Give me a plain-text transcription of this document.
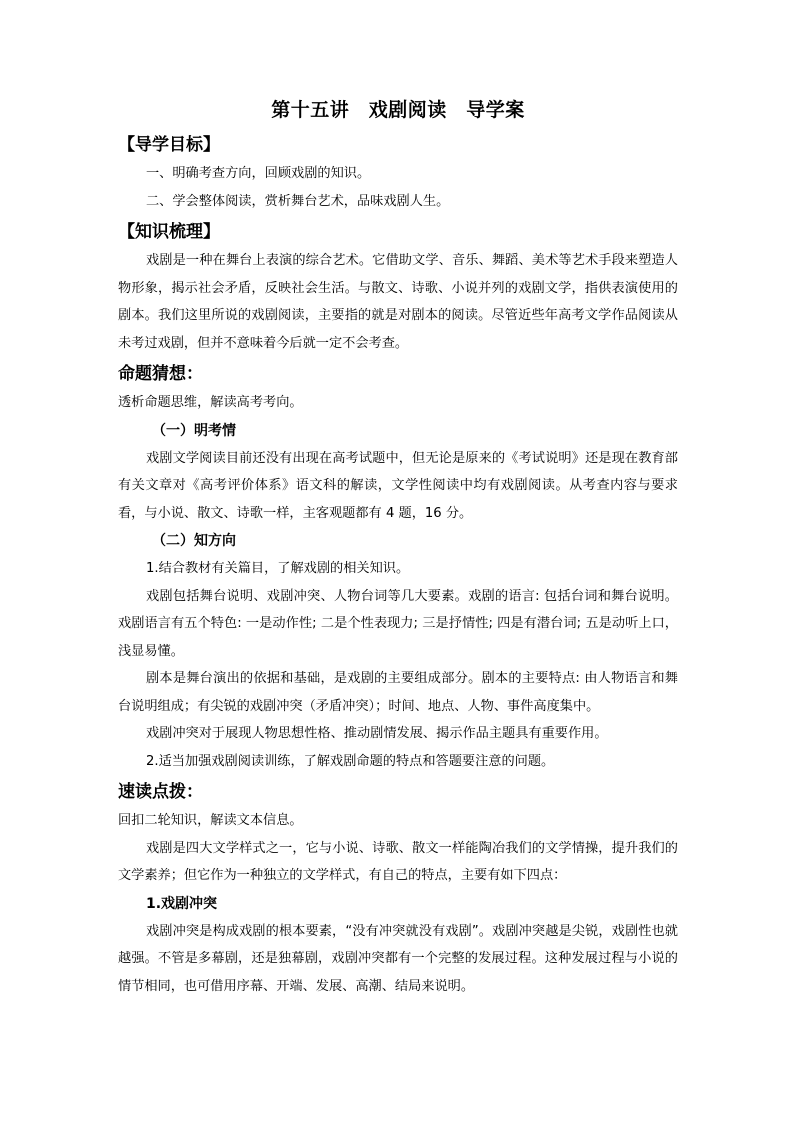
第十五讲　戏剧阅读　导学案
【导学目标】

一、明确考查方向，回顾戏剧的知识。

二、学会整体阅读，赏析舞台艺术，品味戏剧人生。

【知识梳理】

戏剧是一种在舞台上表演的综合艺术。它借助文学、音乐、舞蹈、美术等艺术手段来塑造人物形象，揭示社会矛盾，反映社会生活。与散文、诗歌、小说并列的戏剧文学，指供表演使用的剧本。我们这里所说的戏剧阅读，主要指的就是对剧本的阅读。尽管近些年高考文学作品阅读从未考过戏剧，但并不意味着今后就一定不会考查。

命题猜想：

透析命题思维，解读高考考向。

（一）明考情

戏剧文学阅读目前还没有出现在高考试题中，但无论是原来的《考试说明》还是现在教育部有关文章对《高考评价体系》语文科的解读，文学性阅读中均有戏剧阅读。从考查内容与要求看，与小说、散文、诗歌一样，主客观题都有 4 题，16 分。

（二）知方向

1.结合教材有关篇目，了解戏剧的相关知识。

戏剧包括舞台说明、戏剧冲突、人物台词等几大要素。戏剧的语言: 包括台词和舞台说明。戏剧语言有五个特色: 一是动作性; 二是个性表现力; 三是抒情性; 四是有潜台词; 五是动听上口，浅显易懂。

剧本是舞台演出的依据和基础，是戏剧的主要组成部分。剧本的主要特点: 由人物语言和舞台说明组成；有尖锐的戏剧冲突（矛盾冲突）；时间、地点、人物、事件高度集中。

戏剧冲突对于展现人物思想性格、推动剧情发展、揭示作品主题具有重要作用。

2.适当加强戏剧阅读训练，了解戏剧命题的特点和答题要注意的问题。

速读点拨：

回扣二轮知识，解读文本信息。

戏剧是四大文学样式之一，它与小说、诗歌、散文一样能陶冶我们的文学情操，提升我们的文学素养；但它作为一种独立的文学样式，有自己的特点，主要有如下四点：

1.戏剧冲突

戏剧冲突是构成戏剧的根本要素，“没有冲突就没有戏剧”。戏剧冲突越是尖锐，戏剧性也就越强。不管是多幕剧，还是独幕剧，戏剧冲突都有一个完整的发展过程。这种发展过程与小说的情节相同，也可借用序幕、开端、发展、高潮、结局来说明。
